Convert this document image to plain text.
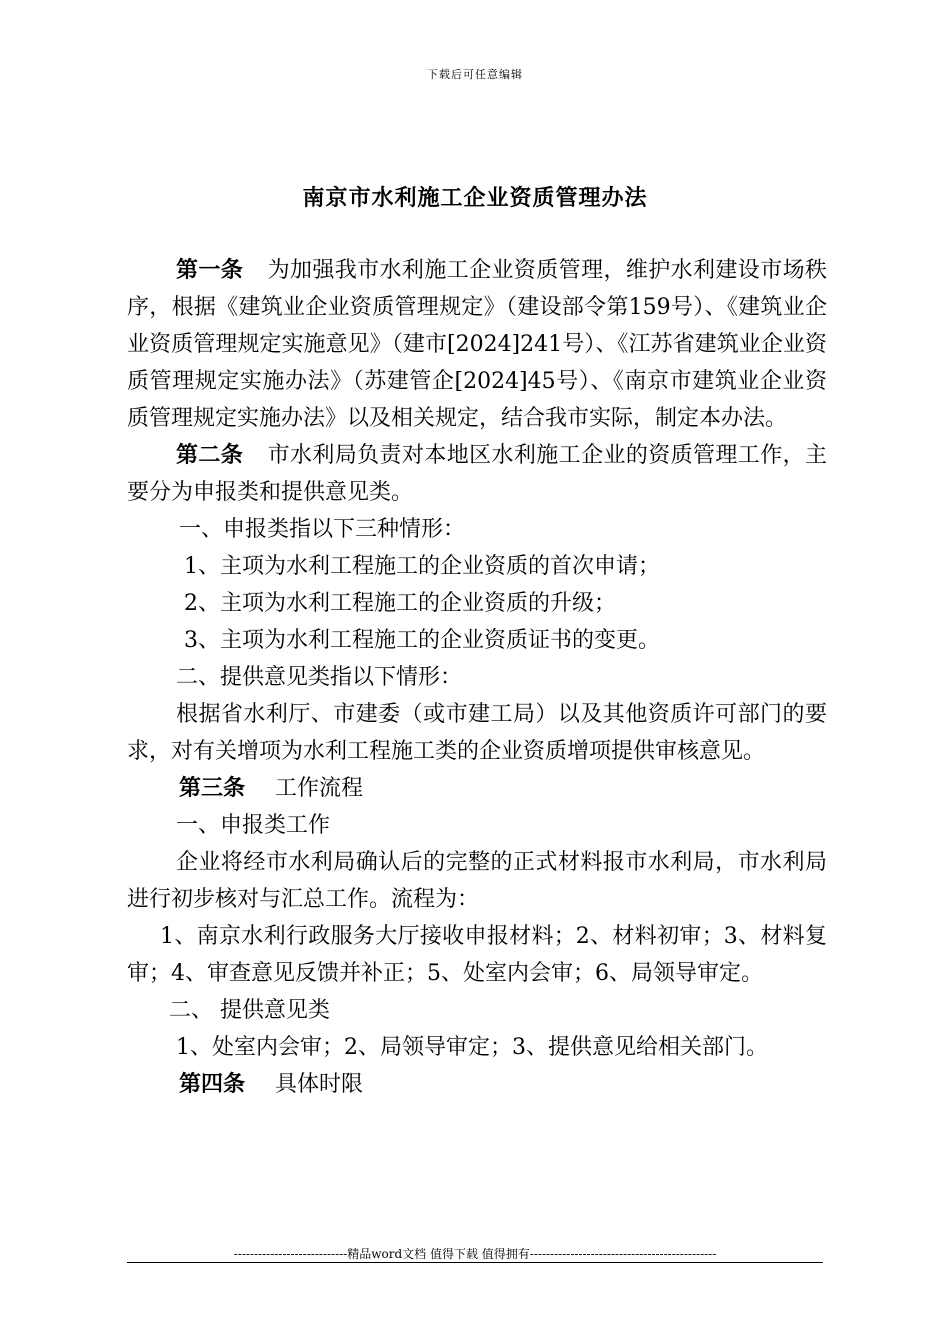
下载后可任意编辑
南京市水利施工企业资质管理办法

第一条 为加强我市水利施工企业资质管理，维护水利建设市场秩序，根据《建筑业企业资质管理规定》（建设部令第159号）、《建筑业企业资质管理规定实施意见》（建市[2024]241号）、《江苏省建筑业企业资质管理规定实施办法》（苏建管企[2024]45号）、《南京市建筑业企业资质管理规定实施办法》以及相关规定，结合我市实际，制定本办法。

第二条 市水利局负责对本地区水利施工企业的资质管理工作，主要分为申报类和提供意见类。

一、申报类指以下三种情形：

1、主项为水利工程施工的企业资质的首次申请；

2、主项为水利工程施工的企业资质的升级；

3、主项为水利工程施工的企业资质证书的变更。

二、提供意见类指以下情形：

根据省水利厅、市建委（或市建工局）以及其他资质许可部门的要求，对有关增项为水利工程施工类的企业资质增项提供审核意见。

第三条 工作流程

一、申报类工作

企业将经市水利局确认后的完整的正式材料报市水利局，市水利局进行初步核对与汇总工作。流程为：

1、南京水利行政服务大厅接收申报材料；2、材料初审；3、材料复审；4、审查意见反馈并补正；5、处室内会审；6、局领导审定。

二、 提供意见类

1、处室内会审；2、局领导审定；3、提供意见给相关部门。

第四条 具体时限

----------------------------精品word文档 值得下载 值得拥有----------------------------------------------
